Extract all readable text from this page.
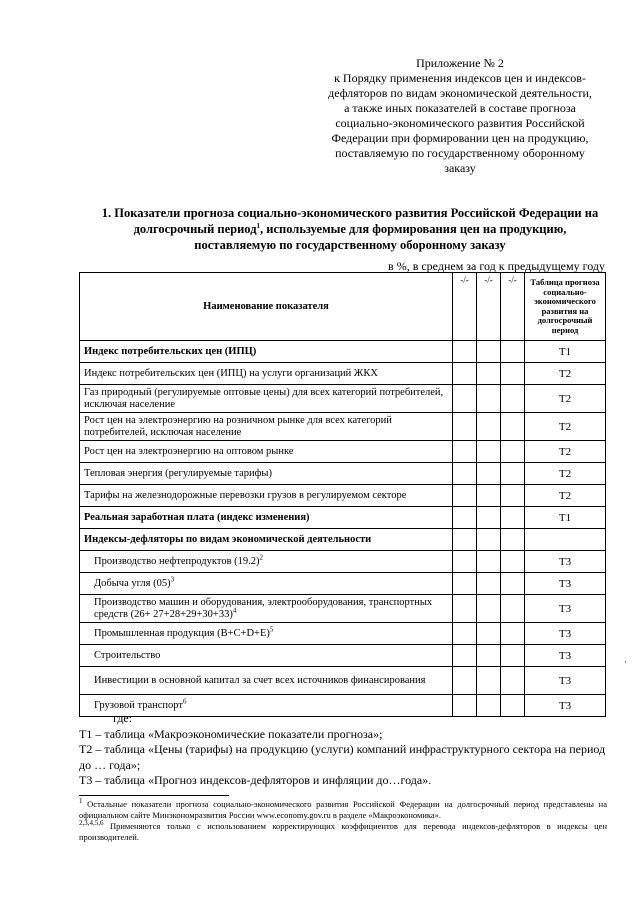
Приложение № 2
к Порядку применения индексов цен и индексов-
дефляторов по видам экономической деятельности,
а также иных показателей в составе прогноза
социально-экономического развития Российской
Федерации при формировании цен на продукцию,
поставляемую по государственному оборонному
заказу
1. Показатели прогноза социально-экономического развития Российской Федерации на долгосрочный период$^1$, используемые для формирования цен на продукцию, поставляемую по государственному оборонному заказу
в %, в среднем за год к предыдущему году
Наименование показателя	-/-	-/-	-/-	Таблица прогноза социально-экономического развития на долгосрочный период
Индекс потребительских цен (ИПЦ)				Т1
Индекс потребительских цен (ИПЦ) на услуги организаций ЖКХ				Т2
Газ природный (регулируемые оптовые цены) для всех категорий потребителей, исключая население				Т2
Рост цен на электроэнергию на розничном рынке для всех категорий потребителей, исключая население				Т2
Рост цен на электроэнергию на оптовом рынке				Т2
Тепловая энергия (регулируемые тарифы)				Т2
Тарифы на железнодорожные перевозки грузов в регулируемом секторе				Т2
Реальная заработная плата (индекс изменения)				Т1
Индексы-дефляторы по видам экономической деятельности				
Производство нефтепродуктов $(19.2)^2$				Т3
Добыча угля $(05)^3$				Т3
Производство машин и оборудования, электрооборудования, транспортных средств $(26+ 27+28+29+30+33)^4$				Т3
Промышленная продукция $(B+C+D+E)^5$				Т3
Строительство				Т3
Инвестиции в основной капитал за счет всех источников финансирования				Т3
Грузовой транспорт$^6$				Т3
где:
Т1 – таблица «Макроэкономические показатели прогноза»;
Т2 – таблица «Цены (тарифы) на продукцию (услуги) компаний инфраструктурного сектора на период до … года»;
Т3 – таблица «Прогноз индексов-дефляторов и инфляции до…года».

$^1$ Остальные показатели прогноза социально-экономического развития Российской Федерации на долгосрочный период представлены на официальном сайте Минэкономразвития России www.economy.gov.ru в разделе «Макроэкономика».

$^{2,3,4,5,6}$ Применяются только с использованием корректирующих коэффициентов для перевода индексов-дефляторов в индексы цен производителей.

·
